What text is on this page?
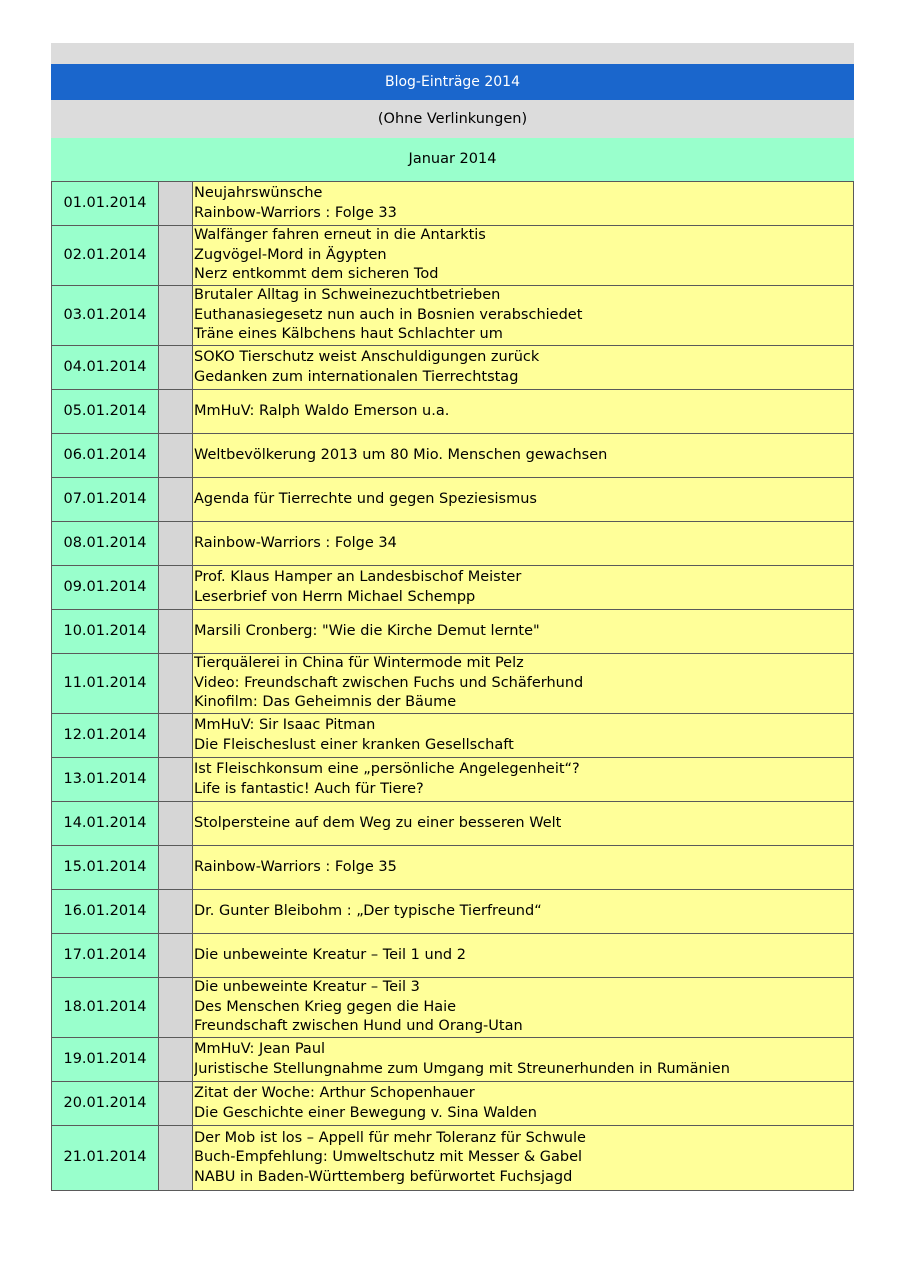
Blog-Einträge 2014
(Ohne Verlinkungen)
Januar 2014
01.01.2014		Neujahrswünsche
Rainbow-Warriors : Folge 33

02.01.2014		Walfänger fahren erneut in die Antarktis
Zugvögel-Mord in Ägypten
Nerz entkommt dem sicheren Tod

03.01.2014		Brutaler Alltag in Schweinezuchtbetrieben
Euthanasiegesetz nun auch in Bosnien verabschiedet
Träne eines Kälbchens haut Schlachter um

04.01.2014		SOKO Tierschutz weist Anschuldigungen zurück
Gedanken zum internationalen Tierrechtstag

05.01.2014		MmHuV: Ralph Waldo Emerson u.a.

06.01.2014		Weltbevölkerung 2013 um 80 Mio. Menschen gewachsen

07.01.2014		Agenda für Tierrechte und gegen Speziesismus

08.01.2014		Rainbow-Warriors : Folge 34

09.01.2014		Prof. Klaus Hamper an Landesbischof Meister
Leserbrief von Herrn Michael Schempp

10.01.2014		Marsili Cronberg: "Wie die Kirche Demut lernte"

11.01.2014		Tierquälerei in China für Wintermode mit Pelz
Video: Freundschaft zwischen Fuchs und Schäferhund
Kinofilm: Das Geheimnis der Bäume

12.01.2014		MmHuV: Sir Isaac Pitman
Die Fleischeslust einer kranken Gesellschaft

13.01.2014		Ist Fleischkonsum eine „persönliche Angelegenheit“?
Life is fantastic! Auch für Tiere?

14.01.2014		Stolpersteine auf dem Weg zu einer besseren Welt

15.01.2014		Rainbow-Warriors : Folge 35

16.01.2014		Dr. Gunter Bleibohm : „Der typische Tierfreund“

17.01.2014		Die unbeweinte Kreatur – Teil 1 und 2

18.01.2014		Die unbeweinte Kreatur – Teil 3
Des Menschen Krieg gegen die Haie
Freundschaft zwischen Hund und Orang-Utan

19.01.2014		MmHuV: Jean Paul
Juristische Stellungnahme zum Umgang mit Streunerhunden in Rumänien

20.01.2014		Zitat der Woche: Arthur Schopenhauer
Die Geschichte einer Bewegung v. Sina Walden

21.01.2014		Der Mob ist los – Appell für mehr Toleranz für Schwule
Buch-Empfehlung: Umweltschutz mit Messer & Gabel
NABU in Baden-Württemberg befürwortet Fuchsjagd
